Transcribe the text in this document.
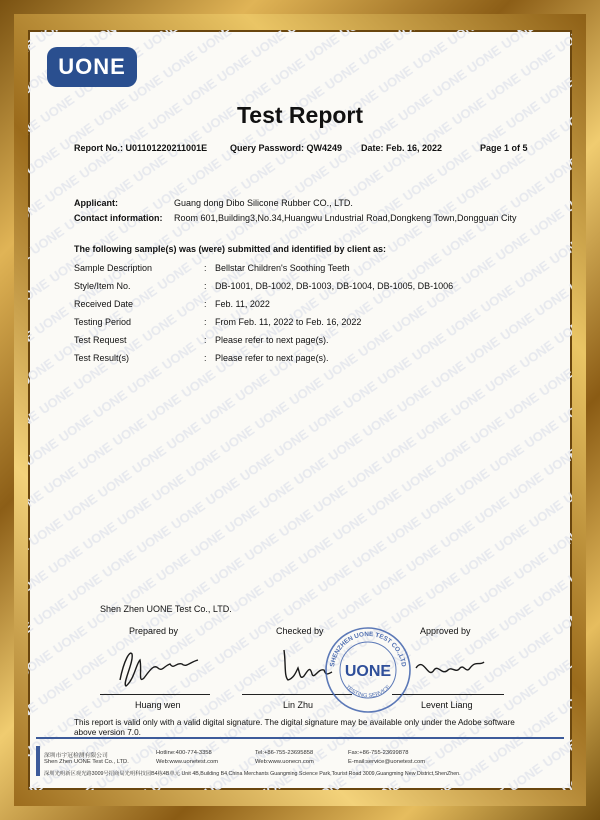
UONE
Test Report
Report No.: U01101220211001E	Query Password: QW4249 Date: Feb. 16, 2022	Page 1 of 5
Applicant:	Guang dong Dibo Silicone Rubber CO., LTD.
Contact information: Room 601,Building3,No.34,Huangwu Lndustrial Road,Dongkeng Town,Dongguan City
The following sample(s) was (were) submitted and identified by client as:
Sample Description	: Bellstar Children's Soothing Teeth
Style/Item No.	: DB-1001, DB-1002, DB-1003, DB-1004, DB-1005, DB-1006
Received Date	: Feb. 11, 2022
Testing Period	: From Feb. 11, 2022 to Feb. 16, 2022
Test Request	: Please refer to next page(s).
Test Result(s)	: Please refer to next page(s).
Shen Zhen UONE Test Co., LTD.
Prepared by	Checked by	Approved by
Huang wen	Lin Zhu	Levent Liang
SHENZHEN UONE TEST CO.,LTD
TESTING SERVICE
UONE
This report is valid only with a valid digital signature. The digital signature may be available only under the Adobe software
above version 7.0.
深圳市宇冠检测有限公司
Shen Zhen UONE Test Co., LTD.
Hotline:400-774-3358
Web:www.uonetest.com
Tel:+86-755-23695858
Web:www.uonecn.com
Fax:+86-755-23699878
E-mail:service@uonetest.com
深圳光明新区观光路3009号招商局光明科技园B4栋4B单元 Unit 4B,Building B4,China Merchants Guangming Science Park,Tourist Road 3009,Guangming New District,ShenZhen.
